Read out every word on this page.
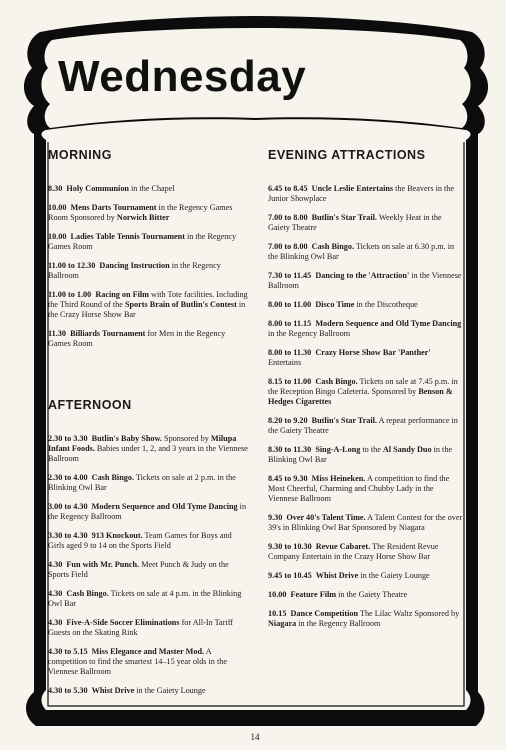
Wednesday
MORNING

8.30  Holy Communion in the Chapel

10.00  Mens Darts Tournament in the Regency Games Room Sponsored by Norwich Bitter

10.00  Ladies Table Tennis Tournament in the Regency Games Room

11.00 to 12.30  Dancing Instruction in the Regency Ballroom

11.00 to 1.00  Racing on Film with Tote facilities. Including the Third Round of the Sports Brain of Butlin's Contest in the Crazy Horse Show Bar

11.30  Billiards Tournament for Men in the Regency Games Room

AFTERNOON

2.30 to 3.30  Butlin's Baby Show. Sponsored by Milupa Infant Foods. Babies under 1, 2, and 3 years in the Viennese Ballroom

2.30 to 4.00  Cash Bingo. Tickets on sale at 2 p.m. in the Blinking Owl Bar

3.00 to 4.30  Modern Sequence and Old Tyme Dancing in the Regency Ballroom

3.30 to 4.30  913 Knockout. Team Games for Boys and Girls aged 9 to 14 on the Sports Field

4.30  Fun with Mr. Punch. Meet Punch & Judy on the Sports Field

4.30  Cash Bingo. Tickets on sale at 4 p.m. in the Blinking Owl Bar

4.30  Five-A-Side Soccer Eliminations for All-In Tariff Guests on the Skating Rink

4.30 to 5.15  Miss Elegance and Master Mod. A competition to find the smartest 14–15 year olds in the Viennese Ballroom

4.30 to 5.30  Whist Drive in the Gaiety Lounge

EVENING ATTRACTIONS

6.45 to 8.45  Uncle Leslie Entertains the Beavers in the Junior Showplace

7.00 to 8.00  Butlin's Star Trail. Weekly Heat in the Gaiety Theatre

7.00 to 8.00  Cash Bingo. Tickets on sale at 6.30 p.m. in the Blinking Owl Bar

7.30 to 11.45  Dancing to the 'Attraction' in the Viennese Ballroom

8.00 to 11.00  Disco Time in the Discotheque

8.00 to 11.15  Modern Sequence and Old Tyme Dancing in the Regency Ballroom

8.00 to 11.30  Crazy Horse Show Bar 'Panther' Entertains

8.15 to 11.00  Cash Bingo. Tickets on sale at 7.45 p.m. in the Reception Bingo Cafeteria. Sponsored by Benson & Hedges Cigarettes

8.20 to 9.20  Butlin's Star Trail. A repeat performance in the Gaiety Theatre

8.30 to 11.30  Sing-A-Long to the Al Sandy Duo in the Blinking Owl Bar

8.45 to 9.30  Miss Heineken. A competition to find the Most Cheerful, Charming and Chubby Lady in the Viennese Ballroom

9.30  Over 40's Talent Time. A Talent Contest for the over 39's in Blinking Owl Bar Sponsored by Niagara

9.30 to 10.30  Revue Cabaret. The Resident Revue Company Entertain in the Crazy Horse Show Bar

9.45 to 10.45  Whist Drive in the Gaiety Lounge

10.00  Feature Film in the Gaiety Theatre

10.15  Dance Competition The Lilac Waltz Sponsored by Niagara in the Regency Ballroom

14
